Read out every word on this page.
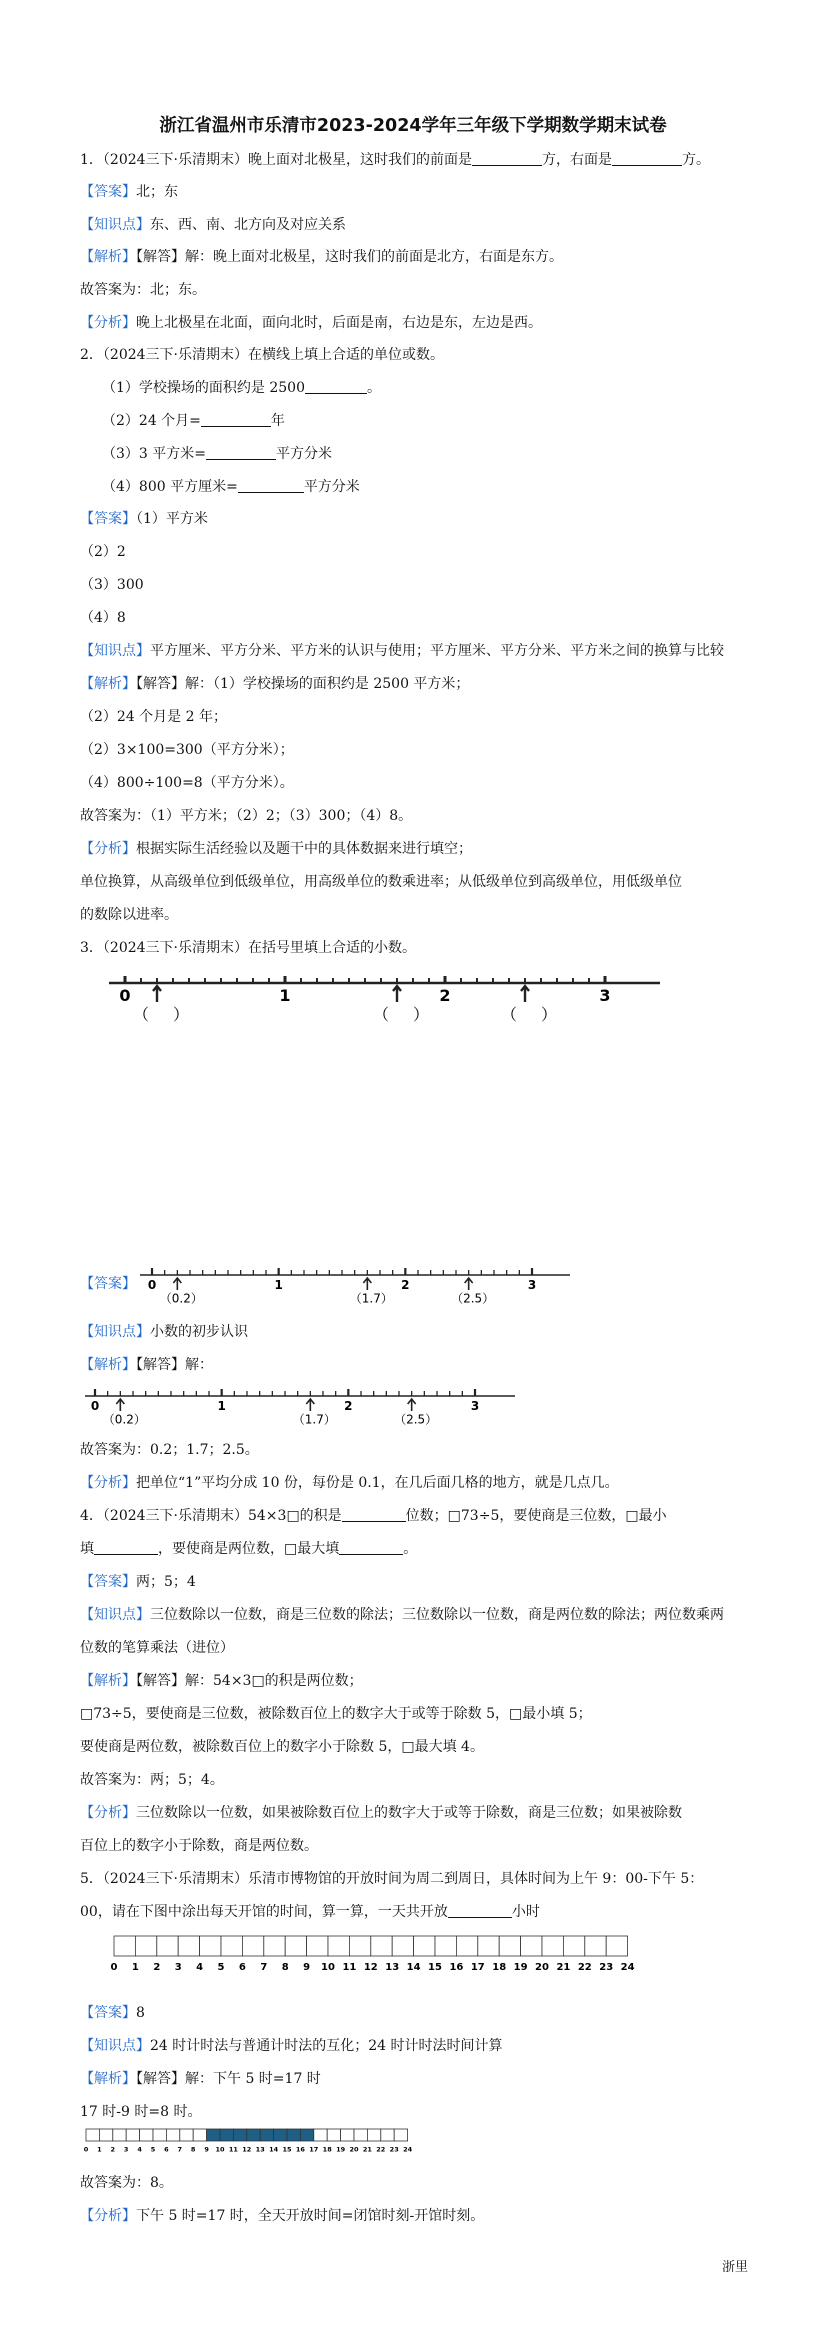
浙江省温州市乐清市2023-2024学年三年级下学期数学期末试卷
1．（2024三下·乐清期末）晚上面对北极星，这时我们的前面是	方，右面是	方。
【答案】北；东
【知识点】东、西、南、北方向及对应关系
【解析】【解答】解：晚上面对北极星，这时我们的前面是北方，右面是东方。
故答案为：北；东。
【分析】晚上北极星在北面，面向北时，后面是南，右边是东，左边是西。
2．（2024三下·乐清期末）在横线上填上合适的单位或数。
（1）学校操场的面积约是 2500	。
（2）24 个月=	年
（3）3 平方米=	平方分米
（4）800 平方厘米=	平方分米
【答案】（1）平方米
（2）2
（3）300
（4）8
【知识点】平方厘米、平方分米、平方米的认识与使用；平方厘米、平方分米、平方米之间的换算与比较
【解析】【解答】解：（1）学校操场的面积约是 2500 平方米；
（2）24 个月是 2 年；
（2）3×100=300（平方分米）；
（4）800÷100=8（平方分米）。
故答案为：（1）平方米；（2）2；（3）300；（4）8。
【分析】根据实际生活经验以及题干中的具体数据来进行填空；
单位换算，从高级单位到低级单位，用高级单位的数乘进率；从低级单位到高级单位，用低级单位
的数除以进率。
3．（2024三下·乐清期末）在括号里填上合适的小数。
0	1	2	3
（ ）	（ ）	（ ）
【答案】 0	1	2	3
（0.2）	（1.7）	（2.5）
【知识点】小数的初步认识
【解析】【解答】解：
0	1	2	3
（0.2）	（1.7）	（2.5）
故答案为：0.2；1.7；2.5。
【分析】把单位“1”平均分成 10 份，每份是 0.1，在几后面几格的地方，就是几点几。
4．（2024三下·乐清期末）54×3□的积是	位数；□73÷5，要使商是三位数，□最小
填	，要使商是两位数，□最大填	。
【答案】两；5；4
【知识点】三位数除以一位数，商是三位数的除法；三位数除以一位数，商是两位数的除法；两位数乘两
位数的笔算乘法（进位）
【解析】【解答】解：54×3□的积是两位数；
□73÷5，要使商是三位数，被除数百位上的数字大于或等于除数 5，□最小填 5；
要使商是两位数，被除数百位上的数字小于除数 5，□最大填 4。
故答案为：两；5；4。
【分析】三位数除以一位数，如果被除数百位上的数字大于或等于除数，商是三位数；如果被除数
百位上的数字小于除数，商是两位数。
5．（2024三下·乐清期末）乐清市博物馆的开放时间为周二到周日，具体时间为上午 9：00-下午 5：
00，请在下图中涂出每天开馆的时间，算一算，一天共开放	小时
0 1 2 3 4 5 6 7 8 9 10 11 12 13 14 15 16 17 18 19 20 21 22 23 24
【答案】8
【知识点】24 时计时法与普通计时法的互化；24 时计时法时间计算
【解析】【解答】解：下午 5 时=17 时
17 时-9 时=8 时。
0 1 2 3 4 5 6 7 8 9 10 11 12 13 14 15 16 17 18 19 20 21 22 23 24
故答案为：8。
【分析】下午 5 时=17 时，全天开放时间=闭馆时刻-开馆时刻。
浙里
